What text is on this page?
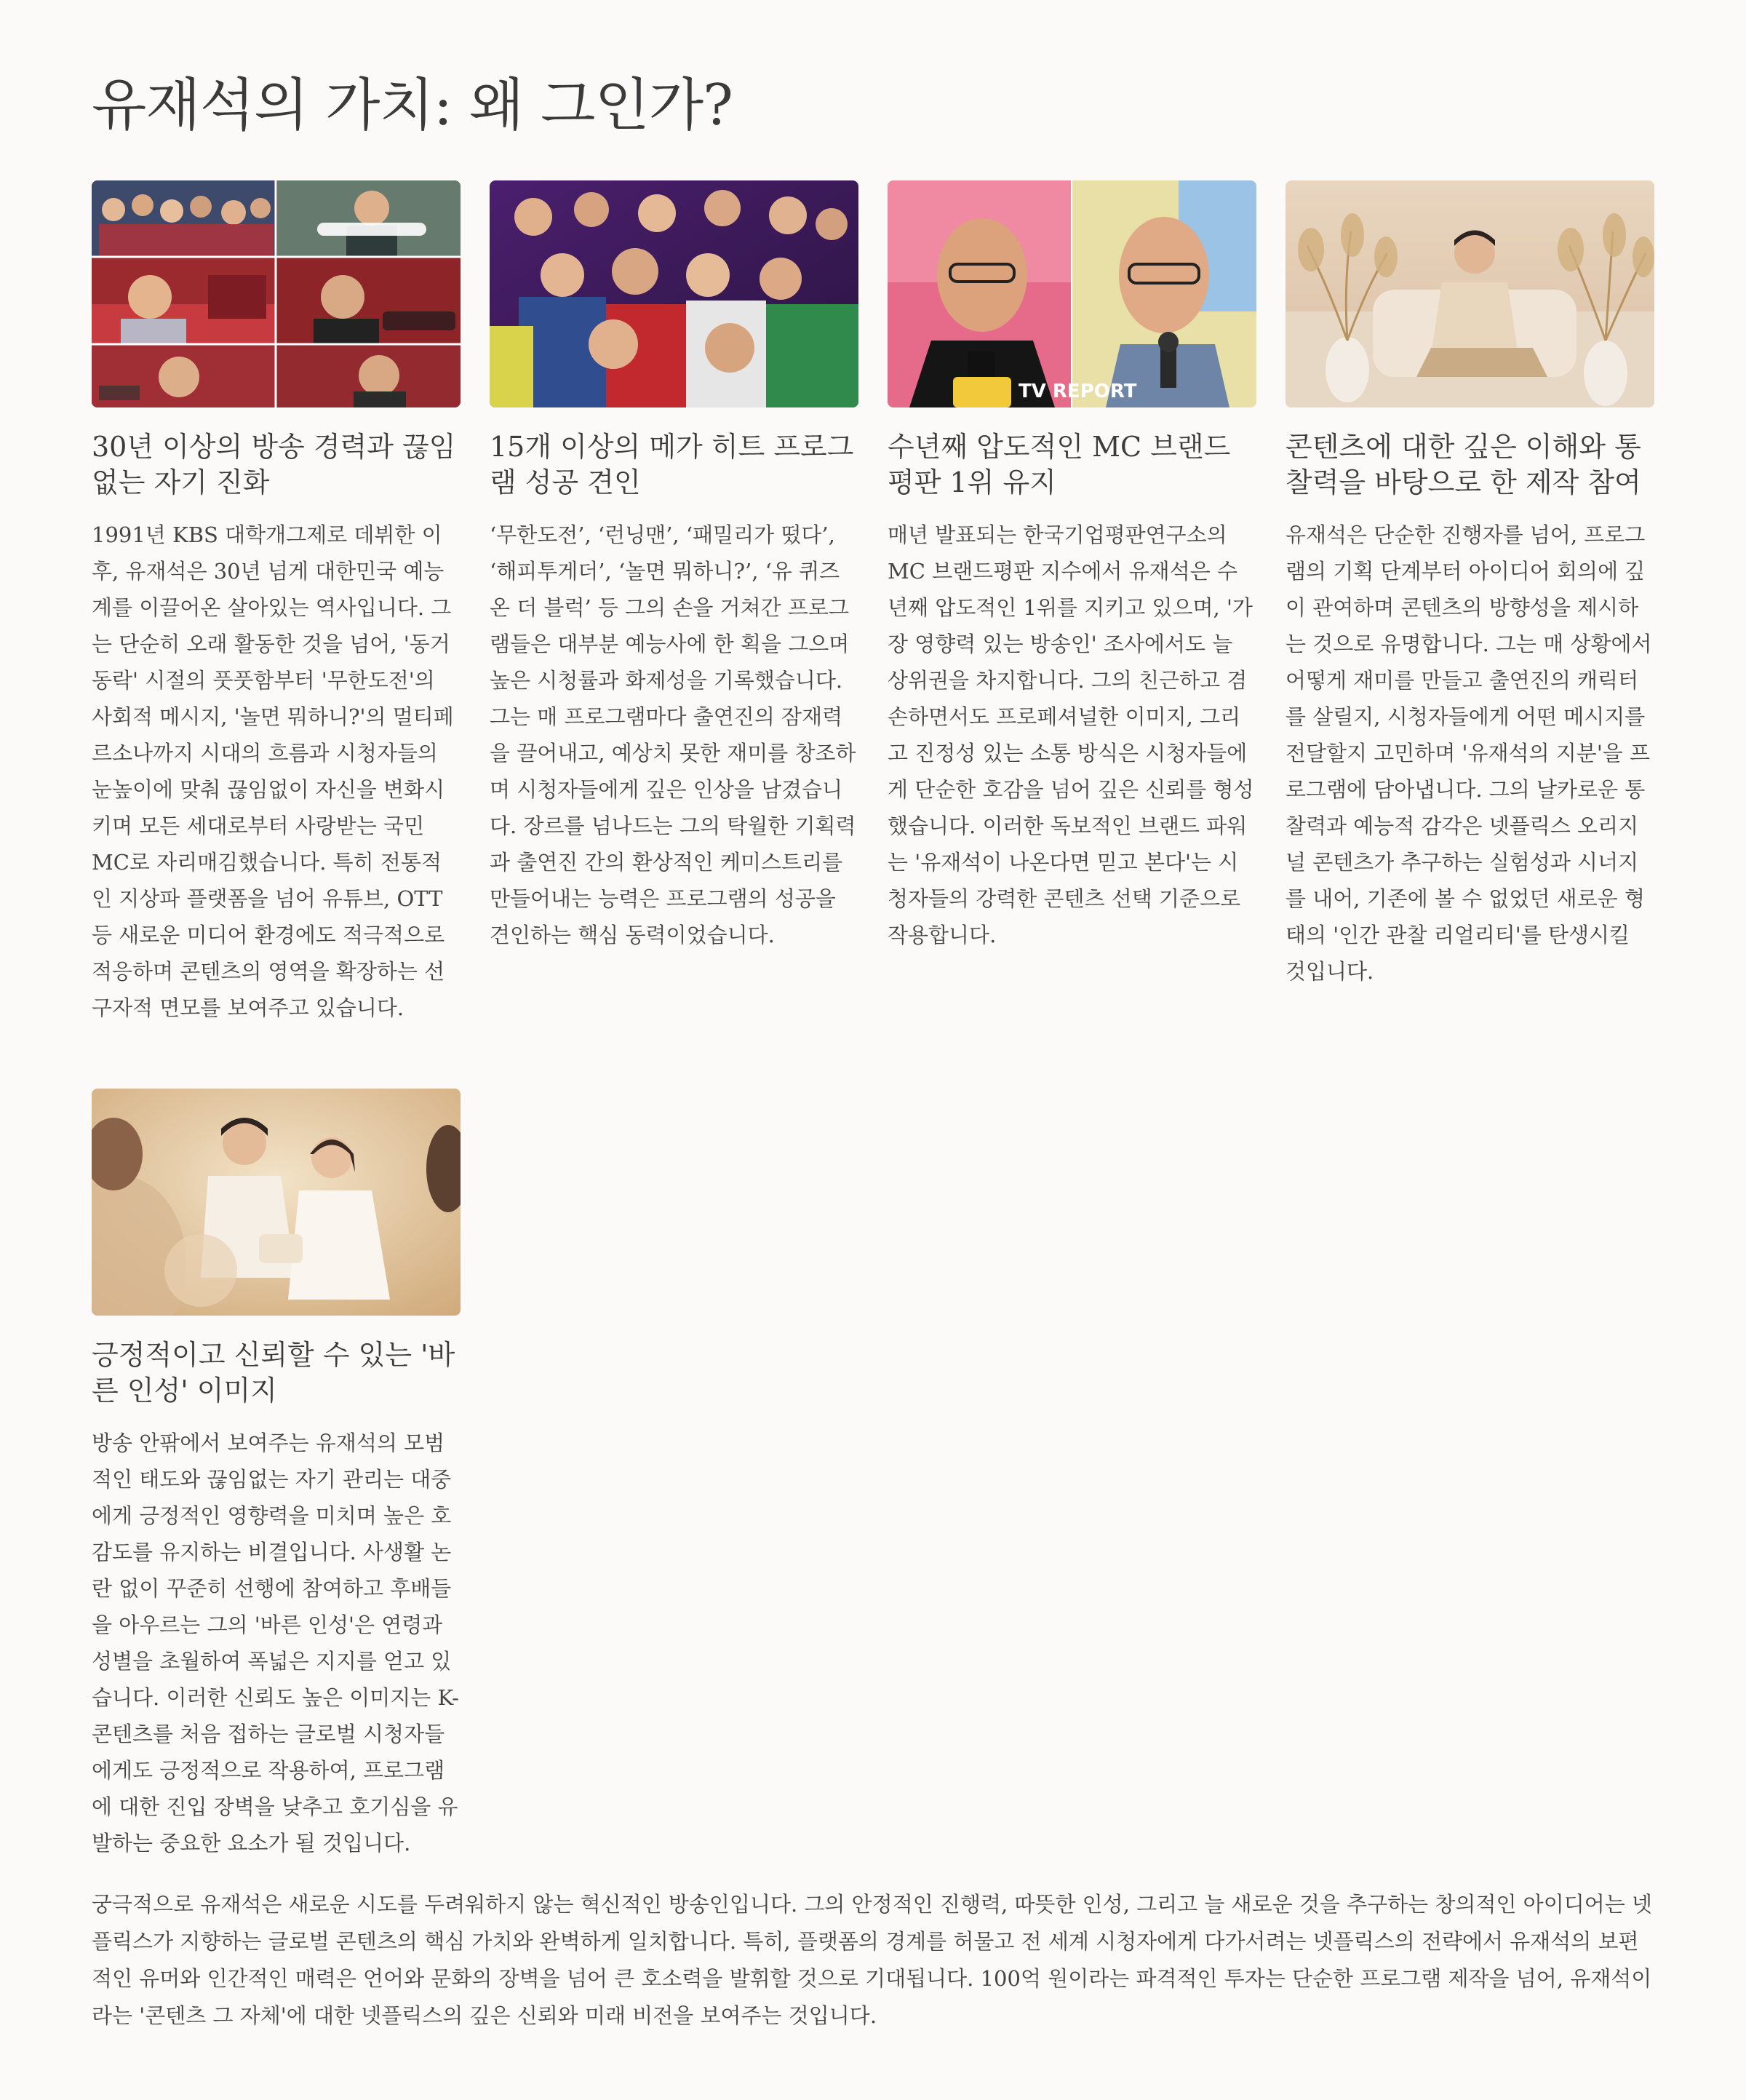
유재석의 가치: 왜 그인가?
30년 이상의 방송 경력과 끊임없는 자기 진화

1991년 KBS 대학개그제로 데뷔한 이후, 유재석은 30년 넘게 대한민국 예능계를 이끌어온 살아있는 역사입니다. 그는 단순히 오래 활동한 것을 넘어, '동거동락' 시절의 풋풋함부터 '무한도전'의 사회적 메시지, '놀면 뭐하니?'의 멀티페르소나까지 시대의 흐름과 시청자들의 눈높이에 맞춰 끊임없이 자신을 변화시키며 모든 세대로부터 사랑받는 국민 MC로 자리매김했습니다. 특히 전통적인 지상파 플랫폼을 넘어 유튜브, OTT 등 새로운 미디어 환경에도 적극적으로 적응하며 콘텐츠의 영역을 확장하는 선구자적 면모를 보여주고 있습니다.

15개 이상의 메가 히트 프로그램 성공 견인

‘무한도전’, ‘런닝맨’, ‘패밀리가 떴다’, ‘해피투게더’, ‘놀면 뭐하니?’, ‘유 퀴즈 온 더 블럭’ 등 그의 손을 거쳐간 프로그램들은 대부분 예능사에 한 획을 그으며 높은 시청률과 화제성을 기록했습니다. 그는 매 프로그램마다 출연진의 잠재력을 끌어내고, 예상치 못한 재미를 창조하며 시청자들에게 깊은 인상을 남겼습니다. 장르를 넘나드는 그의 탁월한 기획력과 출연진 간의 환상적인 케미스트리를 만들어내는 능력은 프로그램의 성공을 견인하는 핵심 동력이었습니다.

TV REPORT
수년째 압도적인 MC 브랜드평판 1위 유지

매년 발표되는 한국기업평판연구소의 MC 브랜드평판 지수에서 유재석은 수년째 압도적인 1위를 지키고 있으며, '가장 영향력 있는 방송인' 조사에서도 늘 상위권을 차지합니다. 그의 친근하고 겸손하면서도 프로페셔널한 이미지, 그리고 진정성 있는 소통 방식은 시청자들에게 단순한 호감을 넘어 깊은 신뢰를 형성했습니다. 이러한 독보적인 브랜드 파워는 '유재석이 나온다면 믿고 본다'는 시청자들의 강력한 콘텐츠 선택 기준으로 작용합니다.

콘텐츠에 대한 깊은 이해와 통찰력을 바탕으로 한 제작 참여

유재석은 단순한 진행자를 넘어, 프로그램의 기획 단계부터 아이디어 회의에 깊이 관여하며 콘텐츠의 방향성을 제시하는 것으로 유명합니다. 그는 매 상황에서 어떻게 재미를 만들고 출연진의 캐릭터를 살릴지, 시청자들에게 어떤 메시지를 전달할지 고민하며 '유재석의 지분'을 프로그램에 담아냅니다. 그의 날카로운 통찰력과 예능적 감각은 넷플릭스 오리지널 콘텐츠가 추구하는 실험성과 시너지를 내어, 기존에 볼 수 없었던 새로운 형태의 '인간 관찰 리얼리티'를 탄생시킬 것입니다.

긍정적이고 신뢰할 수 있는 '바른 인성' 이미지

방송 안팎에서 보여주는 유재석의 모범적인 태도와 끊임없는 자기 관리는 대중에게 긍정적인 영향력을 미치며 높은 호감도를 유지하는 비결입니다. 사생활 논란 없이 꾸준히 선행에 참여하고 후배들을 아우르는 그의 '바른 인성'은 연령과 성별을 초월하여 폭넓은 지지를 얻고 있습니다. 이러한 신뢰도 높은 이미지는 K-콘텐츠를 처음 접하는 글로벌 시청자들에게도 긍정적으로 작용하여, 프로그램에 대한 진입 장벽을 낮추고 호기심을 유발하는 중요한 요소가 될 것입니다.

궁극적으로 유재석은 새로운 시도를 두려워하지 않는 혁신적인 방송인입니다. 그의 안정적인 진행력, 따뜻한 인성, 그리고 늘 새로운 것을 추구하는 창의적인 아이디어는 넷플릭스가 지향하는 글로벌 콘텐츠의 핵심 가치와 완벽하게 일치합니다. 특히, 플랫폼의 경계를 허물고 전 세계 시청자에게 다가서려는 넷플릭스의 전략에서 유재석의 보편적인 유머와 인간적인 매력은 언어와 문화의 장벽을 넘어 큰 호소력을 발휘할 것으로 기대됩니다. 100억 원이라는 파격적인 투자는 단순한 프로그램 제작을 넘어, 유재석이라는 '콘텐츠 그 자체'에 대한 넷플릭스의 깊은 신뢰와 미래 비전을 보여주는 것입니다.
